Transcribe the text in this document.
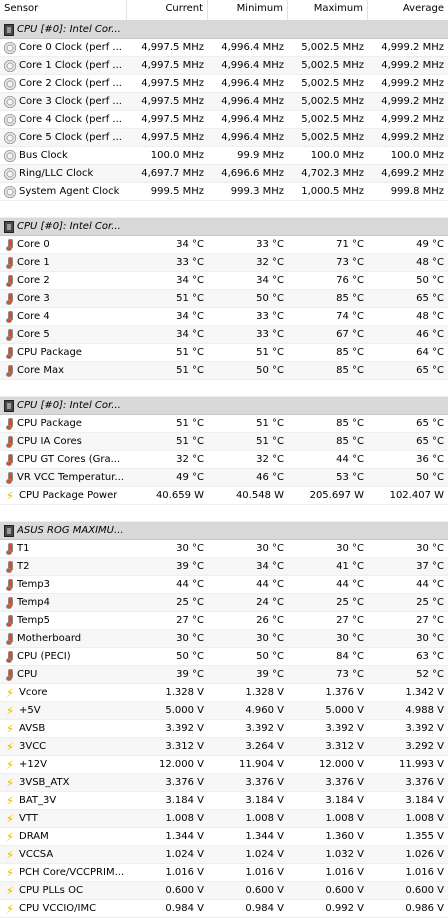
Sensor	Current	Minimum	Maximum	Average
CPU [#0]: Intel Cor...
Core 0 Clock (perf ...	4,997.5 MHz	4,996.4 MHz	5,002.5 MHz	4,999.2 MHz
Core 1 Clock (perf ...	4,997.5 MHz	4,996.4 MHz	5,002.5 MHz	4,999.2 MHz
Core 2 Clock (perf ...	4,997.5 MHz	4,996.4 MHz	5,002.5 MHz	4,999.2 MHz
Core 3 Clock (perf ...	4,997.5 MHz	4,996.4 MHz	5,002.5 MHz	4,999.2 MHz
Core 4 Clock (perf ...	4,997.5 MHz	4,996.4 MHz	5,002.5 MHz	4,999.2 MHz
Core 5 Clock (perf ...	4,997.5 MHz	4,996.4 MHz	5,002.5 MHz	4,999.2 MHz
Bus Clock	100.0 MHz	99.9 MHz	100.0 MHz	100.0 MHz
Ring/LLC Clock	4,697.7 MHz	4,696.6 MHz	4,702.3 MHz	4,699.2 MHz
System Agent Clock	999.5 MHz	999.3 MHz	1,000.5 MHz	999.8 MHz
CPU [#0]: Intel Cor...
Core 0	34 °C	33 °C	71 °C	49 °C
Core 1	33 °C	32 °C	73 °C	48 °C
Core 2	34 °C	34 °C	76 °C	50 °C
Core 3	51 °C	50 °C	85 °C	65 °C
Core 4	34 °C	33 °C	74 °C	48 °C
Core 5	34 °C	33 °C	67 °C	46 °C
CPU Package	51 °C	51 °C	85 °C	64 °C
Core Max	51 °C	50 °C	85 °C	65 °C
CPU [#0]: Intel Cor...
CPU Package	51 °C	51 °C	85 °C	65 °C
CPU IA Cores	51 °C	51 °C	85 °C	65 °C
CPU GT Cores (Gra...	32 °C	32 °C	44 °C	36 °C
VR VCC Temperatur...	49 °C	46 °C	53 °C	50 °C
⚡ CPU Package Power	40.659 W	40.548 W	205.697 W	102.407 W
ASUS ROG MAXIMU...
T1	30 °C	30 °C	30 °C	30 °C
T2	39 °C	34 °C	41 °C	37 °C
Temp3	44 °C	44 °C	44 °C	44 °C
Temp4	25 °C	24 °C	25 °C	25 °C
Temp5	27 °C	26 °C	27 °C	27 °C
Motherboard	30 °C	30 °C	30 °C	30 °C
CPU (PECI)	50 °C	50 °C	84 °C	63 °C
CPU	39 °C	39 °C	73 °C	52 °C
⚡ Vcore	1.328 V	1.328 V	1.376 V	1.342 V
⚡ +5V	5.000 V	4.960 V	5.000 V	4.988 V
⚡ AVSB	3.392 V	3.392 V	3.392 V	3.392 V
⚡ 3VCC	3.312 V	3.264 V	3.312 V	3.292 V
⚡ +12V	12.000 V	11.904 V	12.000 V	11.993 V
⚡ 3VSB_ATX	3.376 V	3.376 V	3.376 V	3.376 V
⚡ BAT_3V	3.184 V	3.184 V	3.184 V	3.184 V
⚡ VTT	1.008 V	1.008 V	1.008 V	1.008 V
⚡ DRAM	1.344 V	1.344 V	1.360 V	1.355 V
⚡ VCCSA	1.024 V	1.024 V	1.032 V	1.026 V
⚡ PCH Core/VCCPRIM...	1.016 V	1.016 V	1.016 V	1.016 V
⚡ CPU PLLs OC	0.600 V	0.600 V	0.600 V	0.600 V
⚡ CPU VCCIO/IMC	0.984 V	0.984 V	0.992 V	0.986 V
